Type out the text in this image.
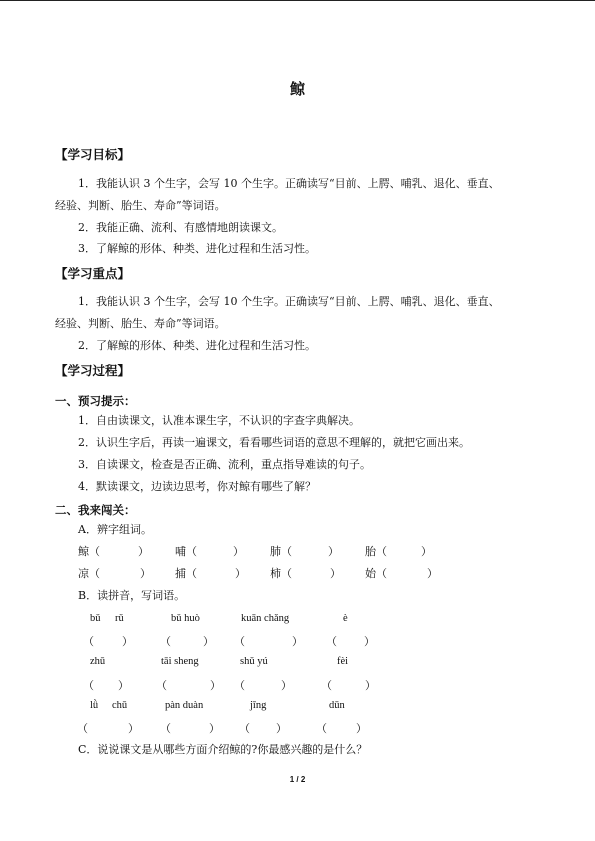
鲸
【学习目标】
1．我能认识 3 个生字，会写 10 个生字。正确读写“目前、上腭、哺乳、退化、垂直、
经验、判断、胎生、寿命”等词语。
2．我能正确、流利、有感情地朗读课文。
3．了解鲸的形体、种类、进化过程和生活习性。
【学习重点】
1．我能认识 3 个生字，会写 10 个生字。正确读写“目前、上腭、哺乳、退化、垂直、
经验、判断、胎生、寿命”等词语。
2．了解鲸的形体、种类、进化过程和生活习性。
【学习过程】
一、预习提示：
1．自由读课文，认准本课生字，不认识的字查字典解决。
2．认识生字后，再读一遍课文，看看哪些词语的意思不理解的，就把它画出来。
3．自读课文，检查是否正确、流利，重点指导难读的句子。
4．默读课文，边读边思考，你对鲸有哪些了解？
二、我来闯关：
A．辨字组词。
鲸（	） 哺（	） 肺（	） 胎（	）
凉（	） 捕（	） 柿（	） 始（	）
B．读拼音，写词语。
bǔ rǔ	bǔ huò	kuān chǎng	è
（	） （	） （	） （ ）
zhū	tāi sheng	shǔ yú	fèi
（ ） （	） （	）	（	）
lǜ chū	pàn duàn	jīng	dūn
（	） （	） （ ）	（	）
C．说说课文是从哪些方面介绍鲸的?你最感兴趣的是什么？
1 / 2
